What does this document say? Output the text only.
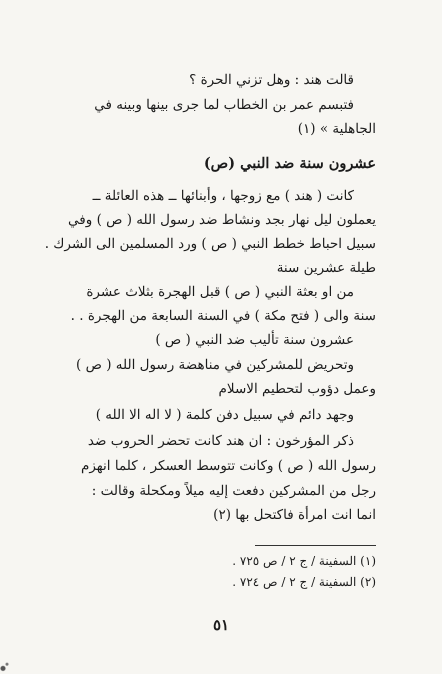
قالت هند : وهل تزني الحرة ؟
فتبسم عمر بن الخطاب لما جرى بينها وبينه في
الجاهلية » (١)
عشرون سنة ضد النبي (ص)
كانت ( هند ) مع زوجها ، وأبنائها ــ هذه العائلة ــ
يعملون ليل نهار بجد ونشاط ضد رسول الله ( ص ) وفي
سبيل احباط خطط النبي ( ص ) ورد المسلمين الى الشرك .
طيلة عشرين سنة
من او بعثة النبي ( ص ) قبل الهجرة بثلاث عشرة
سنة والى ( فتح مكة ) في السنة السابعة من الهجرة . .
عشرون سنة تأليب ضد النبي ( ص )
وتحريض للمشركين في مناهضة رسول الله ( ص )
وعمل دؤوب لتحطيم الاسلام
وجهد دائم في سبيل دفن كلمة ( لا اله الا الله )
ذكر المؤرخون : ان هند كانت تحضر الحروب ضد
رسول الله ( ص ) وكانت تتوسط العسكر ، كلما انهزم
رجل من المشركين دفعت إليه ميلاً ومكحلة وقالت :
انما انت امرأة فاكتحل بها (٢)
(١) السفينة / ج ٢ / ص ٧٢٥ .
(٢) السفينة / ج ٢ / ص ٧٢٤ .
٥١
